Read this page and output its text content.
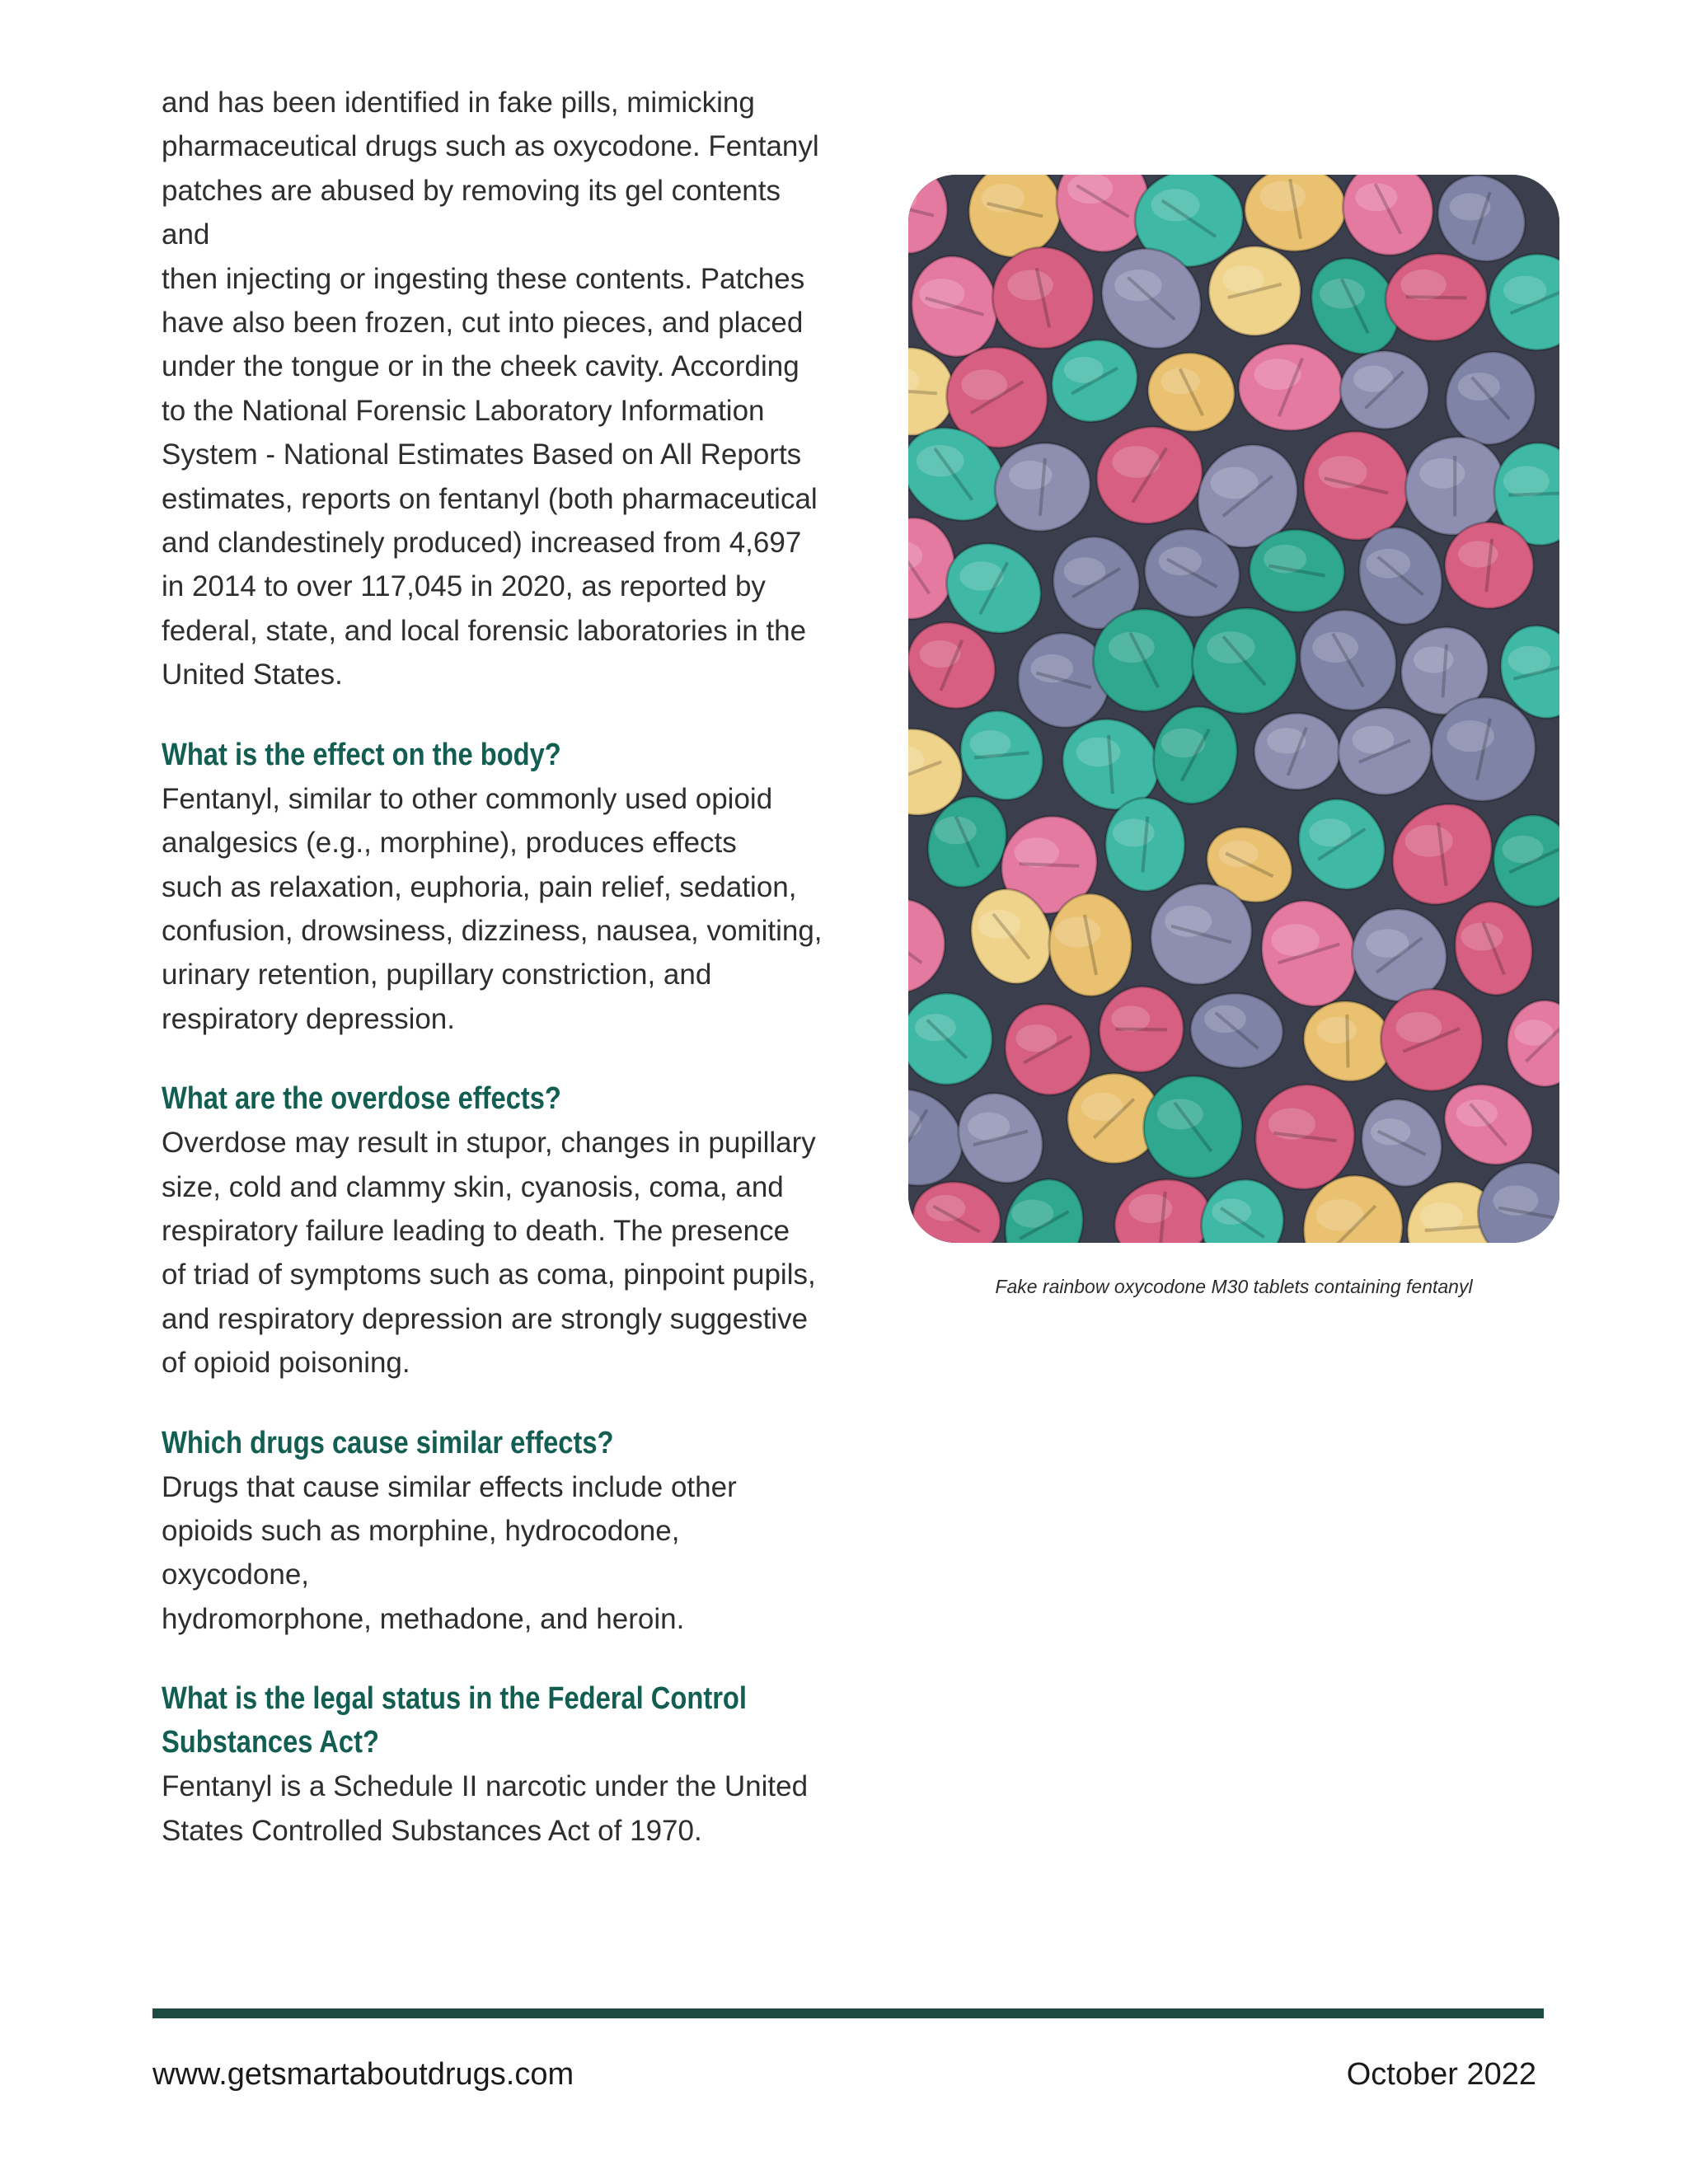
and has been identified in fake pills, mimicking
pharmaceutical drugs such as oxycodone. Fentanyl
patches are abused by removing its gel contents and
then injecting or ingesting these contents. Patches
have also been frozen, cut into pieces, and placed
under the tongue or in the cheek cavity. According
to the National Forensic Laboratory Information
System - National Estimates Based on All Reports
estimates, reports on fentanyl (both pharmaceutical
and clandestinely produced) increased from 4,697
in 2014 to over 117,045 in 2020, as reported by
federal, state, and local forensic laboratories in the
United States.

What is the effect on the body?

Fentanyl, similar to other commonly used opioid
analgesics (e.g., morphine), produces effects
such as relaxation, euphoria, pain relief, sedation,
confusion, drowsiness, dizziness, nausea, vomiting,
urinary retention, pupillary constriction, and
respiratory depression.

What are the overdose effects?

Overdose may result in stupor, changes in pupillary
size, cold and clammy skin, cyanosis, coma, and
respiratory failure leading to death. The presence
of triad of symptoms such as coma, pinpoint pupils,
and respiratory depression are strongly suggestive
of opioid poisoning.

Which drugs cause similar effects?

Drugs that cause similar effects include other
opioids such as morphine, hydrocodone, oxycodone,
hydromorphone, methadone, and heroin.

What is the legal status in the Federal Control
Substances Act?

Fentanyl is a Schedule II narcotic under the United
States Controlled Substances Act of 1970.

Fake rainbow oxycodone M30 tablets containing fentanyl
www.getsmartaboutdrugs.com	October 2022
